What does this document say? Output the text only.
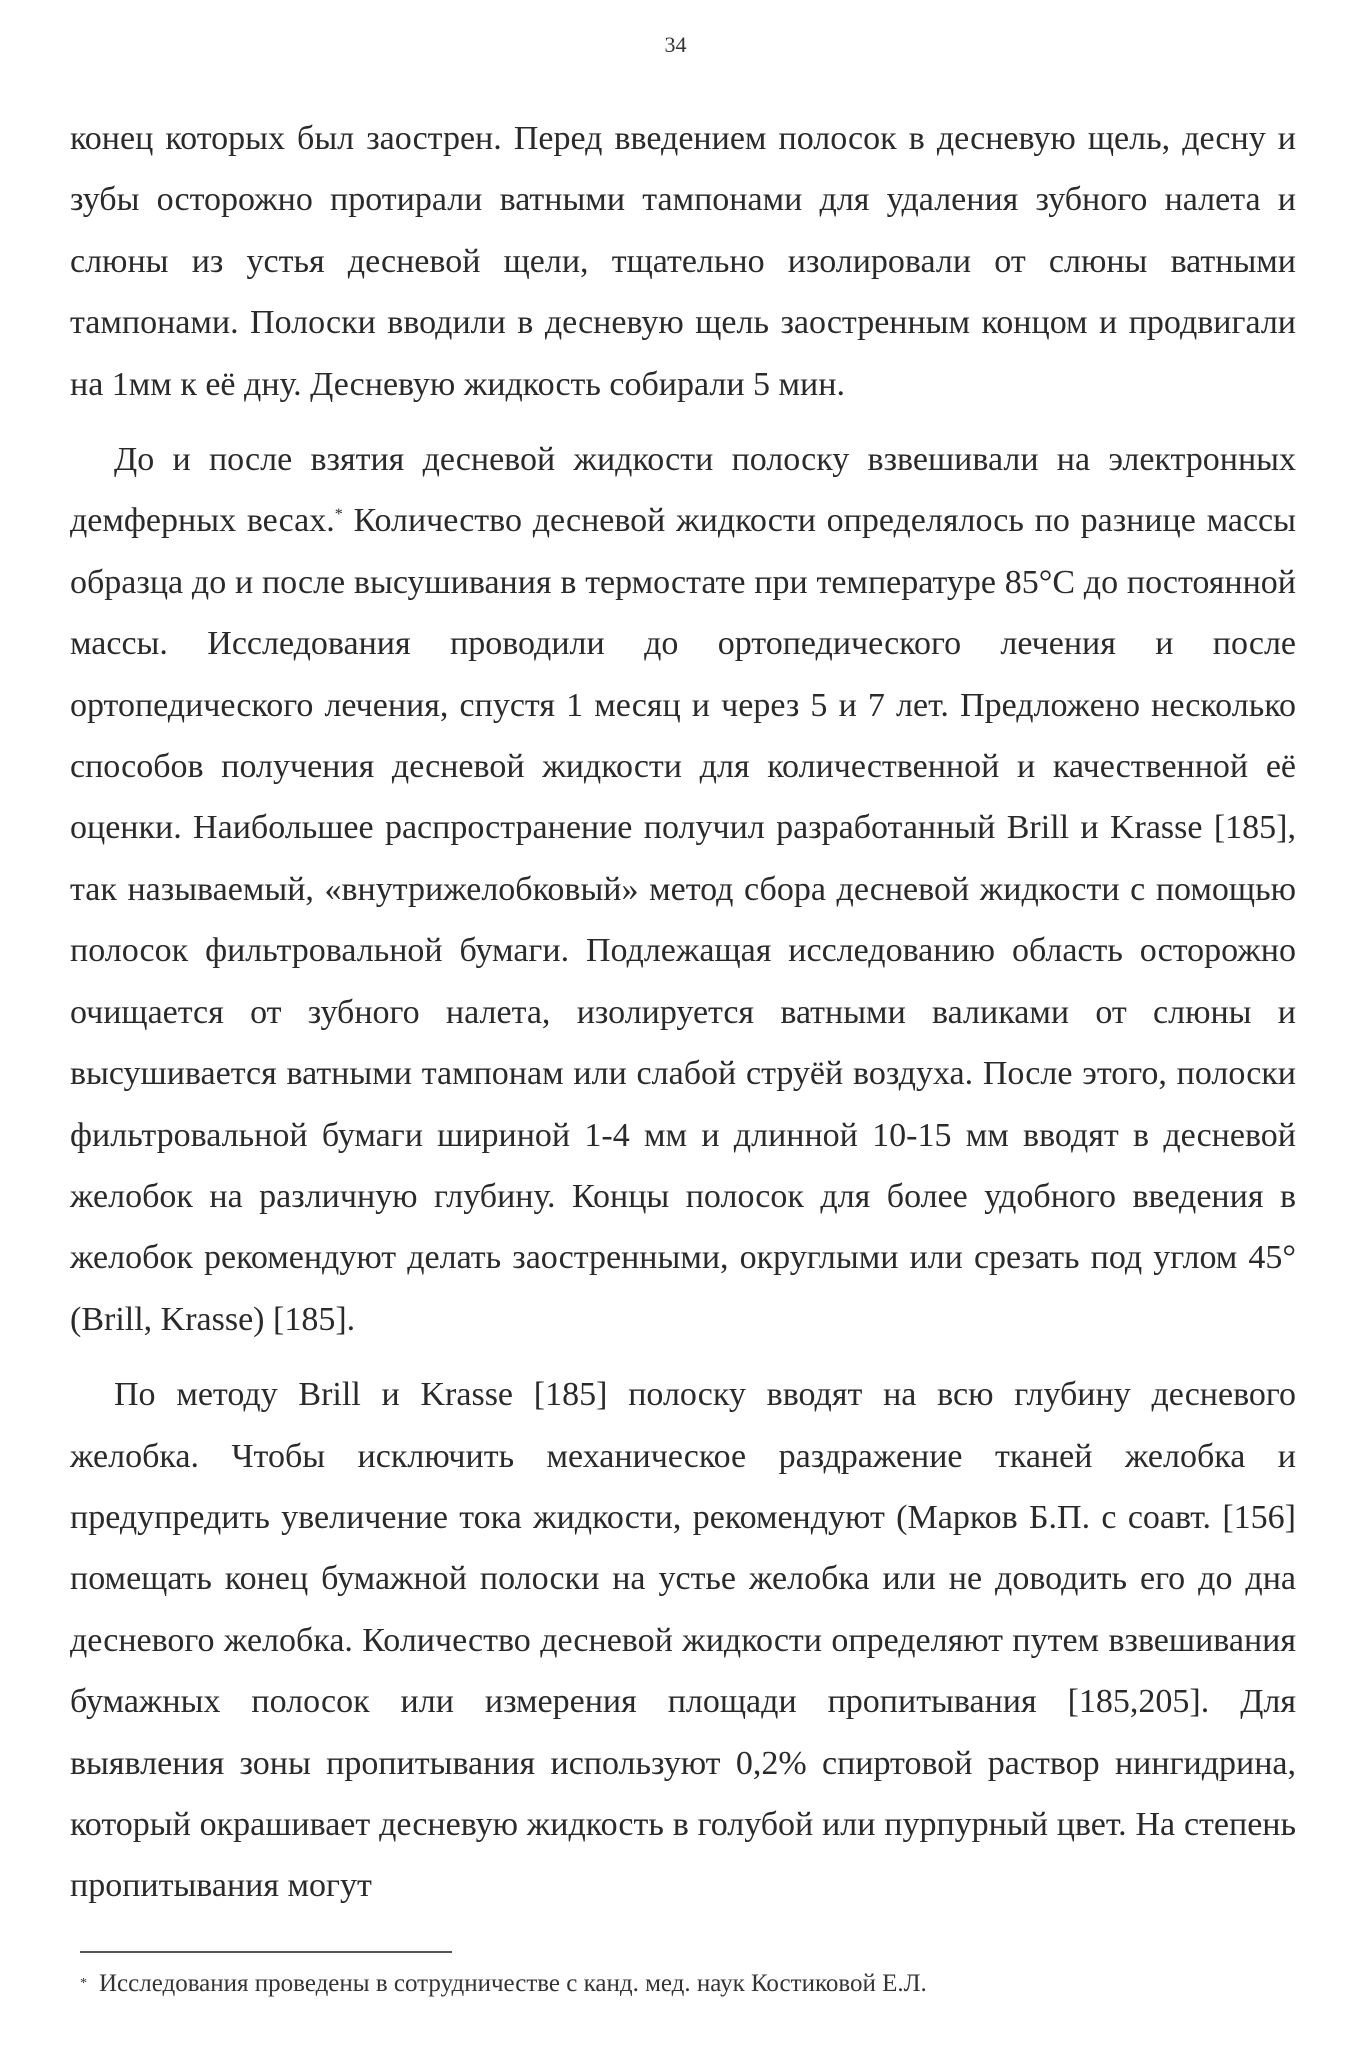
34

конец которых был заострен. Перед введением полосок в десневую щель, десну и зубы осторожно протирали ватными тампонами для удаления зубного налета и слюны из устья десневой щели, тщательно изолировали от слюны ватными тампонами. Полоски вводили в десневую щель заостренным концом и продвигали на 1мм к её дну. Десневую жидкость собирали 5 мин.

До и после взятия десневой жидкости полоску взвешивали на электронных демферных весах.* Количество десневой жидкости определялось по разнице массы образца до и после высушивания в термостате при температуре 85°С до постоянной массы. Исследования проводили до ортопедического лечения и после ортопедического лечения, спустя 1 месяц и через 5 и 7 лет. Предложено несколько способов получения десневой жидкости для количественной и качественной её оценки. Наибольшее распространение получил разработанный Brill и Krasse [185], так называемый, «внутрижелобковый» метод сбора десневой жидкости с помощью полосок фильтровальной бумаги. Подлежащая исследованию область осторожно очищается от зубного налета, изолируется ватными валиками от слюны и высушивается ватными тампонам или слабой струёй воздуха. После этого, полоски фильтровальной бумаги шириной 1-4 мм и длинной 10-15 мм вводят в десневой желобок на различную глубину. Концы полосок для более удобного введения в желобок рекомендуют делать заостренными, округлыми или срезать под углом 45° (Brill, Krasse) [185].

По методу Brill и Krasse [185] полоску вводят на всю глубину десневого желобка. Чтобы исключить механическое раздражение тканей желобка и предупредить увеличение тока жидкости, рекомендуют (Марков Б.П. с соавт. [156] помещать конец бумажной полоски на устье желобка или не доводить его до дна десневого желобка. Количество десневой жидкости определяют путем взвешивания бумажных полосок или измерения площади пропитывания [185,205]. Для выявления зоны пропитывания используют 0,2% спиртовой раствор нингидрина, который окрашивает десневую жидкость в голубой или пурпурный цвет. На степень пропитывания могут

* Исследования проведены в сотрудничестве с канд. мед. наук Костиковой Е.Л.
